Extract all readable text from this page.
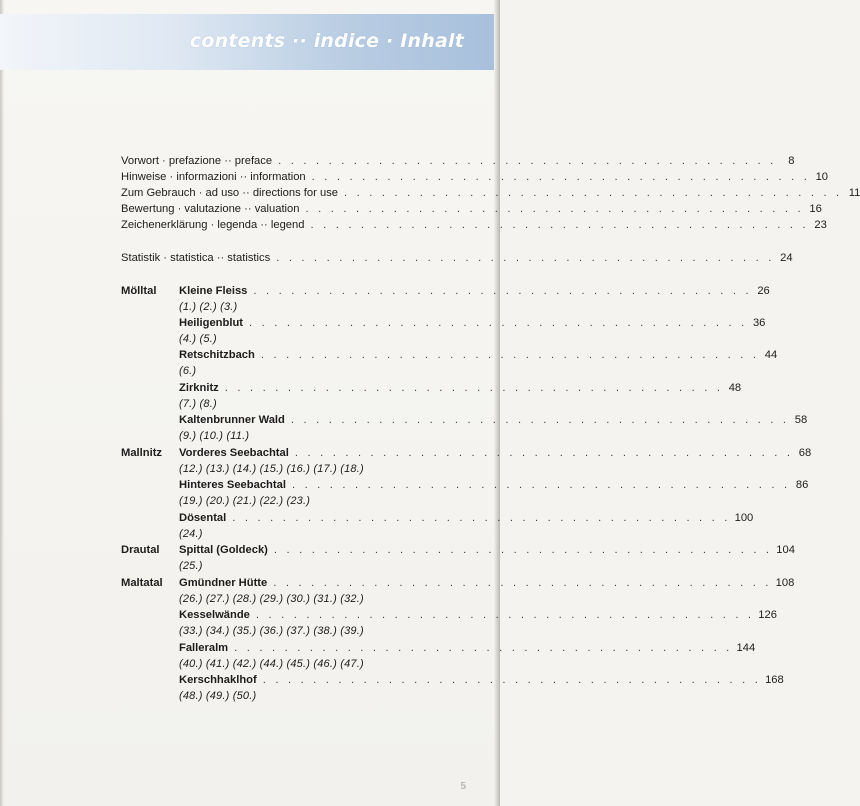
contents ·· indice · Inhalt
Vorwort · prefazione ·· preface . . . . . . . . . . . . . . . . . . . . . . . . . . . . . . . . . . . . . . . .	8
Hinweise · informazioni ·· information . . . . . . . . . . . . . . . . . . . . . . . . . . . . . . . . . . . . . . . . 10
Zum Gebrauch · ad uso ·· directions for use . . . . . . . . . . . . . . . . . . . . . . . . . . . . . . . . . . . . . . . . 11
Bewertung · valutazione ·· valuation . . . . . . . . . . . . . . . . . . . . . . . . . . . . . . . . . . . . . . . . 16
Zeichenerklärung · legenda ·· legend . . . . . . . . . . . . . . . . . . . . . . . . . . . . . . . . . . . . . . . . 23
Statistik · statistica ·· statistics . . . . . . . . . . . . . . . . . . . . . . . . . . . . . . . . . . . . . . . . 24
Mölltal
Mallnitz
Drautal
Maltatal
Kleine Fleiss . . . . . . . . . . . . . . . . . . . . . . . . . . . . . . . . . . . . . . . . 26
(1.) (2.) (3.)
Heiligenblut . . . . . . . . . . . . . . . . . . . . . . . . . . . . . . . . . . . . . . . . 36
(4.) (5.)
Retschitzbach . . . . . . . . . . . . . . . . . . . . . . . . . . . . . . . . . . . . . . . . 44
(6.)
Zirknitz . . . . . . . . . . . . . . . . . . . . . . . . . . . . . . . . . . . . . . . . 48
(7.) (8.)
Kaltenbrunner Wald . . . . . . . . . . . . . . . . . . . . . . . . . . . . . . . . . . . . . . . . 58
(9.) (10.) (11.)
Vorderes Seebachtal . . . . . . . . . . . . . . . . . . . . . . . . . . . . . . . . . . . . . . . . 68
(12.) (13.) (14.) (15.) (16.) (17.) (18.)
Hinteres Seebachtal . . . . . . . . . . . . . . . . . . . . . . . . . . . . . . . . . . . . . . . . 86
(19.) (20.) (21.) (22.) (23.)
Dösental . . . . . . . . . . . . . . . . . . . . . . . . . . . . . . . . . . . . . . . . 100
(24.)
Spittal (Goldeck) . . . . . . . . . . . . . . . . . . . . . . . . . . . . . . . . . . . . . . . . 104
(25.)
Gmündner Hütte . . . . . . . . . . . . . . . . . . . . . . . . . . . . . . . . . . . . . . . . 108
(26.) (27.) (28.) (29.) (30.) (31.) (32.)
Kesselwände . . . . . . . . . . . . . . . . . . . . . . . . . . . . . . . . . . . . . . . . 126
(33.) (34.) (35.) (36.) (37.) (38.) (39.)
Falleralm . . . . . . . . . . . . . . . . . . . . . . . . . . . . . . . . . . . . . . . . 144
(40.) (41.) (42.) (44.) (45.) (46.) (47.)
Kerschhaklhof . . . . . . . . . . . . . . . . . . . . . . . . . . . . . . . . . . . . . . . . 168
(48.) (49.) (50.)
5
